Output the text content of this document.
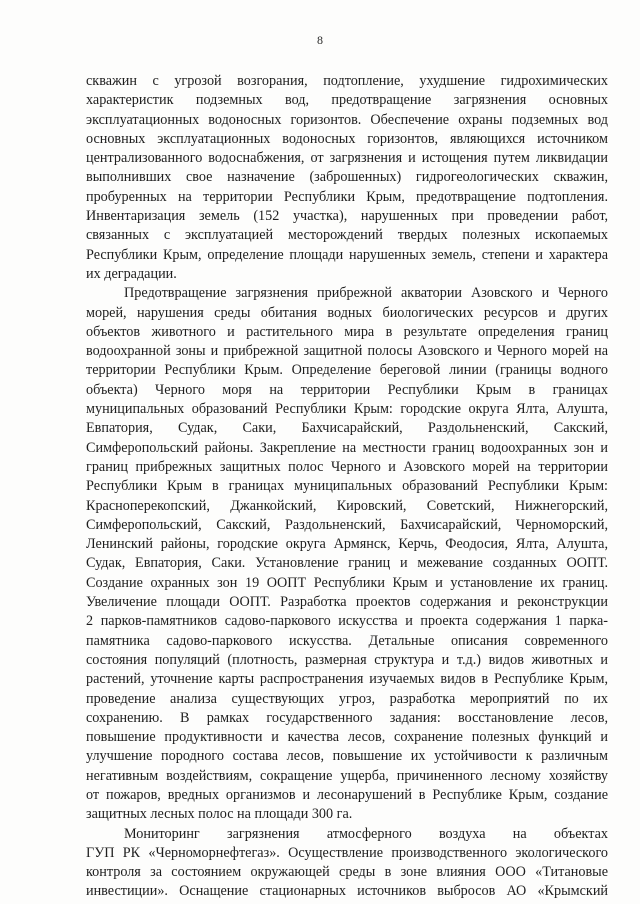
8
скважин с угрозой возгорания, подтопление, ухудшение гидрохимических
характеристик подземных вод, предотвращение загрязнения основных
эксплуатационных водоносных горизонтов. Обеспечение охраны подземных вод
основных эксплуатационных водоносных горизонтов, являющихся источником
централизованного водоснабжения, от загрязнения и истощения путем ликвидации
выполнивших свое назначение (заброшенных) гидрогеологических скважин,
пробуренных на территории Республики Крым, предотвращение подтопления.
Инвентаризация земель (152 участка), нарушенных при проведении работ,
связанных с эксплуатацией месторождений твердых полезных ископаемых
Республики Крым, определение площади нарушенных земель, степени и характера
их деградации.
Предотвращение загрязнения прибрежной акватории Азовского и Черного
морей, нарушения среды обитания водных биологических ресурсов и других
объектов животного и растительного мира в результате определения границ
водоохранной зоны и прибрежной защитной полосы Азовского и Черного морей на
территории Республики Крым. Определение береговой линии (границы водного
объекта) Черного моря на территории Республики Крым в границах
муниципальных образований Республики Крым: городские округа Ялта, Алушта,
Евпатория, Судак, Саки, Бахчисарайский, Раздольненский, Сакский,
Симферопольский районы. Закрепление на местности границ водоохранных зон и
границ прибрежных защитных полос Черного и Азовского морей на территории
Республики Крым в границах муниципальных образований Республики Крым:
Красноперекопский, Джанкойский, Кировский, Советский, Нижнегорский,
Симферопольский, Сакский, Раздольненский, Бахчисарайский, Черноморский,
Ленинский районы, городские округа Армянск, Керчь, Феодосия, Ялта, Алушта,
Судак, Евпатория, Саки. Установление границ и межевание созданных ООПТ.
Создание охранных зон 19 ООПТ Республики Крым и установление их границ.
Увеличение площади ООПТ. Разработка проектов содержания и реконструкции
2 парков-памятников садово-паркового искусства и проекта содержания 1 парка-
памятника садово-паркового искусства. Детальные описания современного
состояния популяций (плотность, размерная структура и т.д.) видов животных и
растений, уточнение карты распространения изучаемых видов в Республике Крым,
проведение анализа существующих угроз, разработка мероприятий по их
сохранению. В рамках государственного задания: восстановление лесов,
повышение продуктивности и качества лесов, сохранение полезных функций и
улучшение породного состава лесов, повышение их устойчивости к различным
негативным воздействиям, сокращение ущерба, причиненного лесному хозяйству
от пожаров, вредных организмов и лесонарушений в Республике Крым, создание
защитных лесных полос на площади 300 га.
Мониторинг загрязнения атмосферного воздуха на объектах
ГУП РК «Черноморнефтегаз». Осуществление производственного экологического
контроля за состоянием окружающей среды в зоне влияния ООО «Титановые
инвестиции». Оснащение стационарных источников выбросов АО «Крымский
